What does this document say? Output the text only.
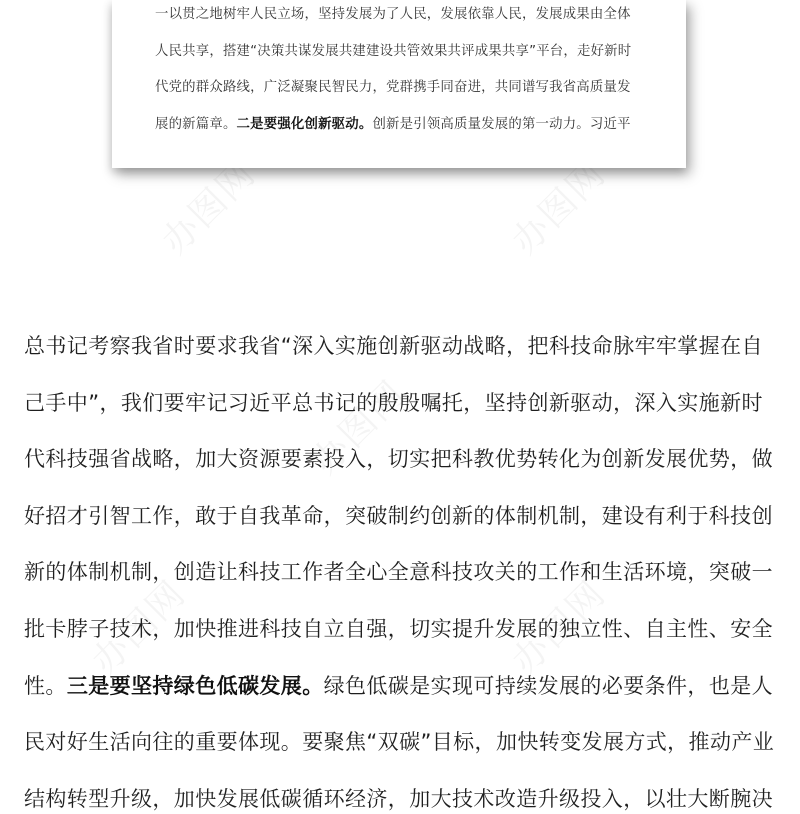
办图网	办图网
办图网
办图网	办图网
一以贯之地树牢人民立场，坚持发展为了人民，发展依靠人民，发展成果由全体
人民共享，搭建“决策共谋发展共建建设共管效果共评成果共享”平台，走好新时
代党的群众路线，广泛凝聚民智民力，党群携手同奋进，共同谱写我省高质量发
展的新篇章。二是要强化创新驱动。创新是引领高质量发展的第一动力。习近平
总书记考察我省时要求我省“深入实施创新驱动战略，把科技命脉牢牢掌握在自
己手中”，我们要牢记习近平总书记的殷殷嘱托，坚持创新驱动，深入实施新时
代科技强省战略，加大资源要素投入，切实把科教优势转化为创新发展优势，做
好招才引智工作，敢于自我革命，突破制约创新的体制机制，建设有利于科技创
新的体制机制，创造让科技工作者全心全意科技攻关的工作和生活环境，突破一
批卡脖子技术，加快推进科技自立自强，切实提升发展的独立性、自主性、安全
性。三是要坚持绿色低碳发展。绿色低碳是实现可持续发展的必要条件，也是人
民对好生活向往的重要体现。要聚焦“双碳”目标，加快转变发展方式，推动产业
结构转型升级，加快发展低碳循环经济，加大技术改造升级投入，以壮大断腕决
